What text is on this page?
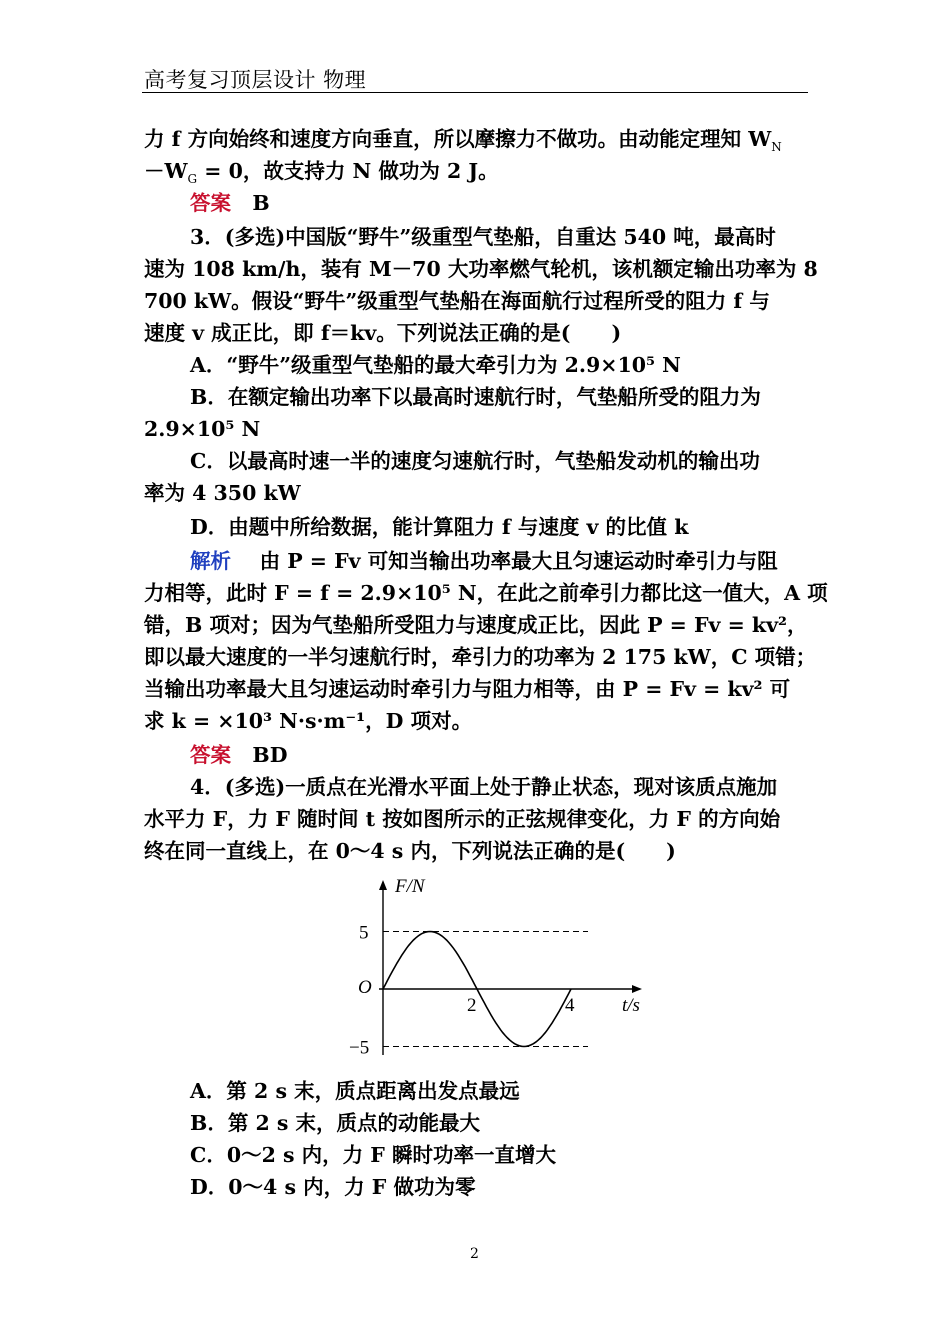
高考复习顶层设计 物理
力 f 方向始终和速度方向垂直，所以摩擦力不做功。由动能定理知 $W_N$
$-W_G = 0$，故支持力 N 做功为 2 J。
答案 B
3．(多选)中国版“野牛”级重型气垫船，自重达 540 吨，最高时
速为 108 km/h，装有 M－70 大功率燃气轮机，该机额定输出功率为 8
700 kW。假设“野牛”级重型气垫船在海面航行过程所受的阻力 f 与
速度 v 成正比，即 f＝kv。下列说法正确的是(　　)
A．“野牛”级重型气垫船的最大牵引力为 2.9×10⁵ N
B．在额定输出功率下以最高时速航行时，气垫船所受的阻力为
2.9×10⁵ N
C．以最高时速一半的速度匀速航行时，气垫船发动机的输出功
率为 4 350 kW
D．由题中所给数据，能计算阻力 f 与速度 v 的比值 k
解析 由 P = Fv 可知当输出功率最大且匀速运动时牵引力与阻
力相等，此时 F = f = 2.9×10⁵ N，在此之前牵引力都比这一值大，A 项
错，B 项对；因为气垫船所受阻力与速度成正比，因此 P = Fv = kv²，
即以最大速度的一半匀速航行时，牵引力的功率为 2 175 kW，C 项错；
当输出功率最大且匀速运动时牵引力与阻力相等，由 P = Fv = kv² 可
求 k = ×10³ N·s·m⁻¹，D 项对。
答案 BD
4．(多选)一质点在光滑水平面上处于静止状态，现对该质点施加
水平力 F，力 F 随时间 t 按如图所示的正弦规律变化，力 F 的方向始
终在同一直线上，在 0～4 s 内，下列说法正确的是(　　)
F/N
t/s
O
5
−5
2	4
A．第 2 s 末，质点距离出发点最远
B．第 2 s 末，质点的动能最大
C．0～2 s 内，力 F 瞬时功率一直增大
D．0～4 s 内，力 F 做功为零
2
